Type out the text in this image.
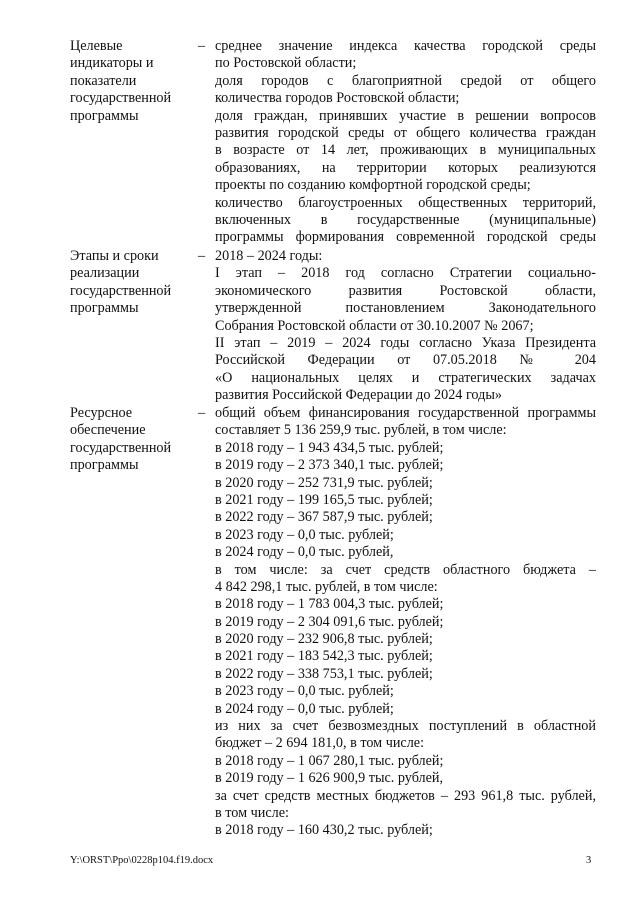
Целевые
индикаторы и
показатели
государственной
программы
– среднее значение индекса качества городской среды
по Ростовской области;
доля городов с благоприятной средой от общего
количества городов Ростовской области;
доля граждан, принявших участие в решении вопросов
развития городской среды от общего количества граждан
в возрасте от 14 лет, проживающих в муниципальных
образованиях, на территории которых реализуются
проекты по созданию комфортной городской среды;
количество благоустроенных общественных территорий,
включенных в государственные (муниципальные)
программы формирования современной городской среды
Этапы и сроки
реализации
государственной
программы
– 2018 – 2024 годы:
I этап – 2018 год согласно Стратегии социально-
экономического развития Ростовской области,
утвержденной постановлением Законодательного
Собрания Ростовской области от 30.10.2007 № 2067;
II этап – 2019 – 2024 годы согласно Указа Президента
Российской Федерации от 07.05.2018 № 204
«О национальных целях и стратегических задачах
развития Российской Федерации до 2024 годы»
Ресурсное
обеспечение
государственной
программы
– общий объем финансирования государственной программы
составляет 5 136 259,9 тыс. рублей, в том числе:
в 2018 году – 1 943 434,5 тыс. рублей;
в 2019 году – 2 373 340,1 тыс. рублей;
в 2020 году – 252 731,9 тыс. рублей;
в 2021 году – 199 165,5 тыс. рублей;
в 2022 году – 367 587,9 тыс. рублей;
в 2023 году – 0,0 тыс. рублей;
в 2024 году – 0,0 тыс. рублей,
в том числе: за счет средств областного бюджета –
4 842 298,1 тыс. рублей, в том числе:
в 2018 году – 1 783 004,3 тыс. рублей;
в 2019 году – 2 304 091,6 тыс. рублей;
в 2020 году – 232 906,8 тыс. рублей;
в 2021 году – 183 542,3 тыс. рублей;
в 2022 году – 338 753,1 тыс. рублей;
в 2023 году – 0,0 тыс. рублей;
в 2024 году – 0,0 тыс. рублей;
из них за счет безвозмездных поступлений в областной
бюджет – 2 694 181,0, в том числе:
в 2018 году – 1 067 280,1 тыс. рублей;
в 2019 году – 1 626 900,9 тыс. рублей,
за счет средств местных бюджетов – 293 961,8 тыс. рублей,
в том числе:
в 2018 году – 160 430,2 тыс. рублей;
Y:\ORST\Ppo\0228p104.f19.docx	3
